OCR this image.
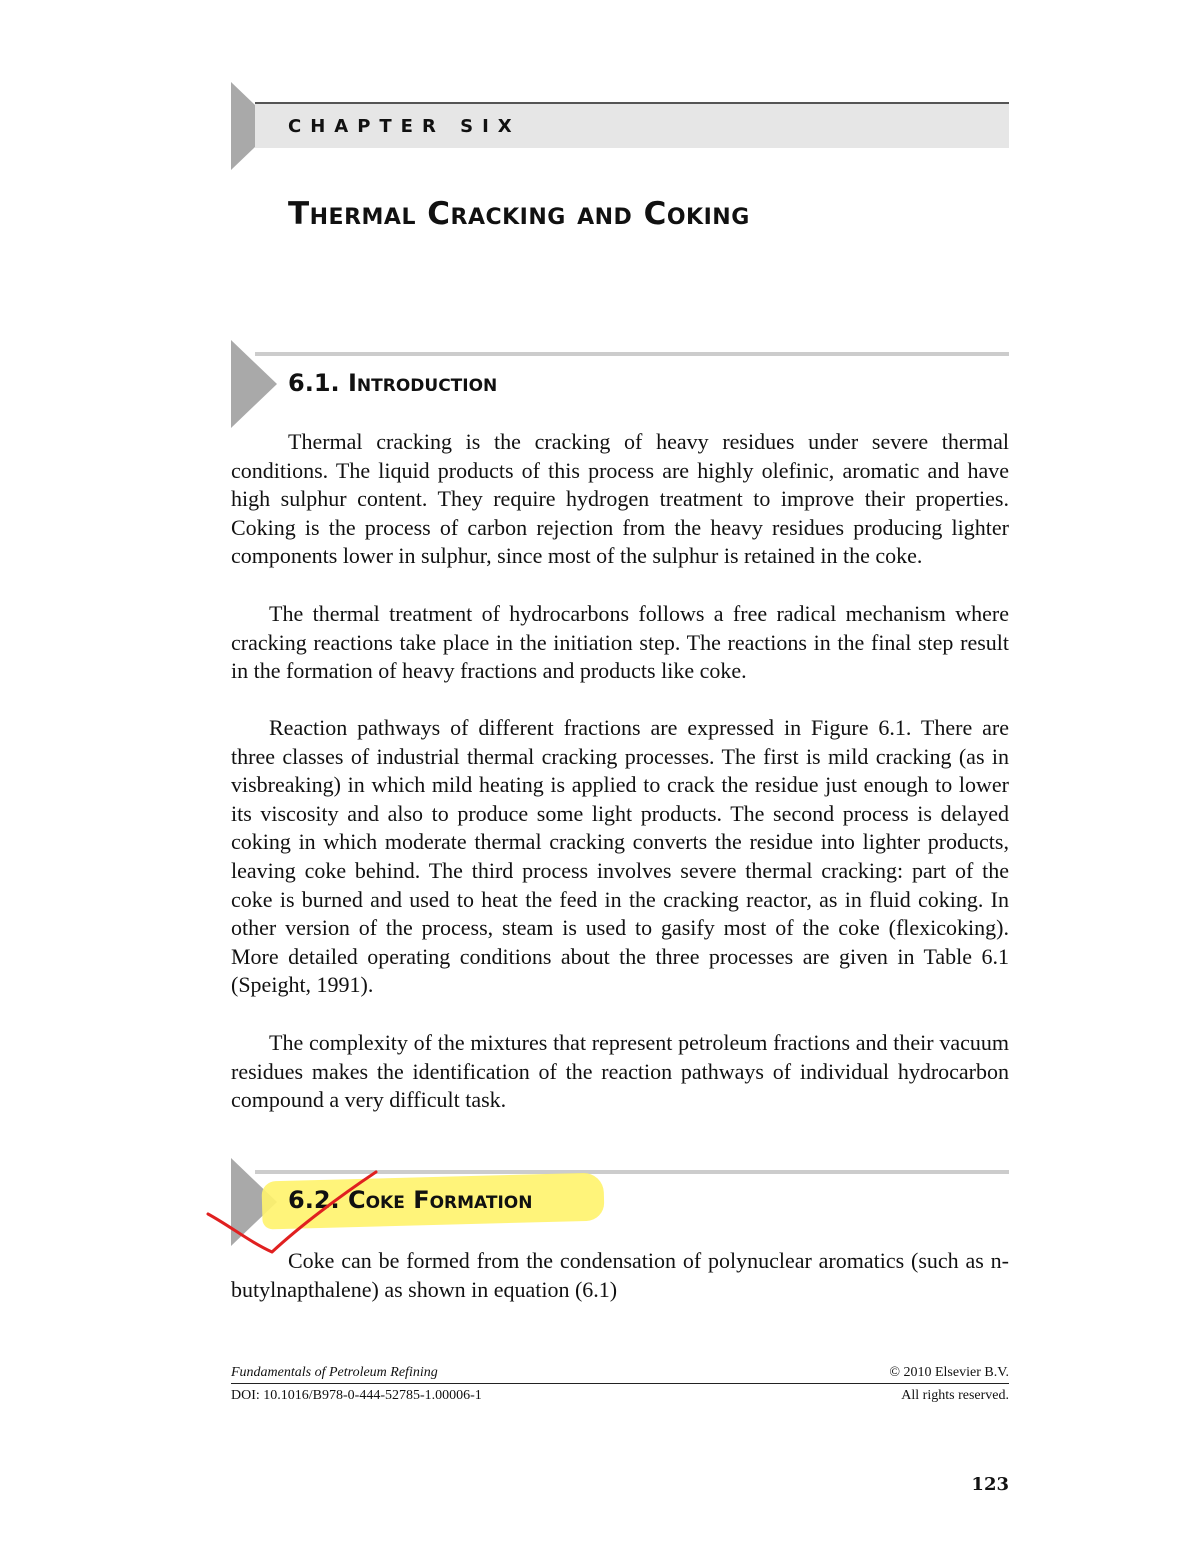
CHAPTER SIX
Thermal Cracking and Coking
6.1. Introduction

Thermal cracking is the cracking of heavy residues under severe thermal conditions. The liquid products of this process are highly olefinic, aromatic and have high sulphur content. They require hydrogen treatment to improve their properties. Coking is the process of carbon rejection from the heavy residues producing lighter components lower in sulphur, since most of the sulphur is retained in the coke.

The thermal treatment of hydrocarbons follows a free radical mechanism where cracking reactions take place in the initiation step. The reactions in the final step result in the formation of heavy fractions and products like coke.

Reaction pathways of different fractions are expressed in Figure 6.1. There are three classes of industrial thermal cracking processes. The first is mild cracking (as in visbreaking) in which mild heating is applied to crack the residue just enough to lower its viscosity and also to produce some light products. The second process is delayed coking in which moderate thermal cracking converts the residue into lighter products, leaving coke behind. The third process involves severe thermal cracking: part of the coke is burned and used to heat the feed in the cracking reactor, as in fluid coking. In other version of the process, steam is used to gasify most of the coke (flexicoking). More detailed operating conditions about the three processes are given in Table 6.1 (Speight, 1991).

The complexity of the mixtures that represent petroleum fractions and their vacuum residues makes the identification of the reaction pathways of individual hydrocarbon compound a very difficult task.

6.2. Coke Formation

Coke can be formed from the condensation of polynuclear aromatics (such as n-butylnapthalene) as shown in equation (6.1)

Fundamentals of Petroleum Refining	© 2010 Elsevier B.V.
DOI: 10.1016/B978-0-444-52785-1.00006-1	All rights reserved.
123
